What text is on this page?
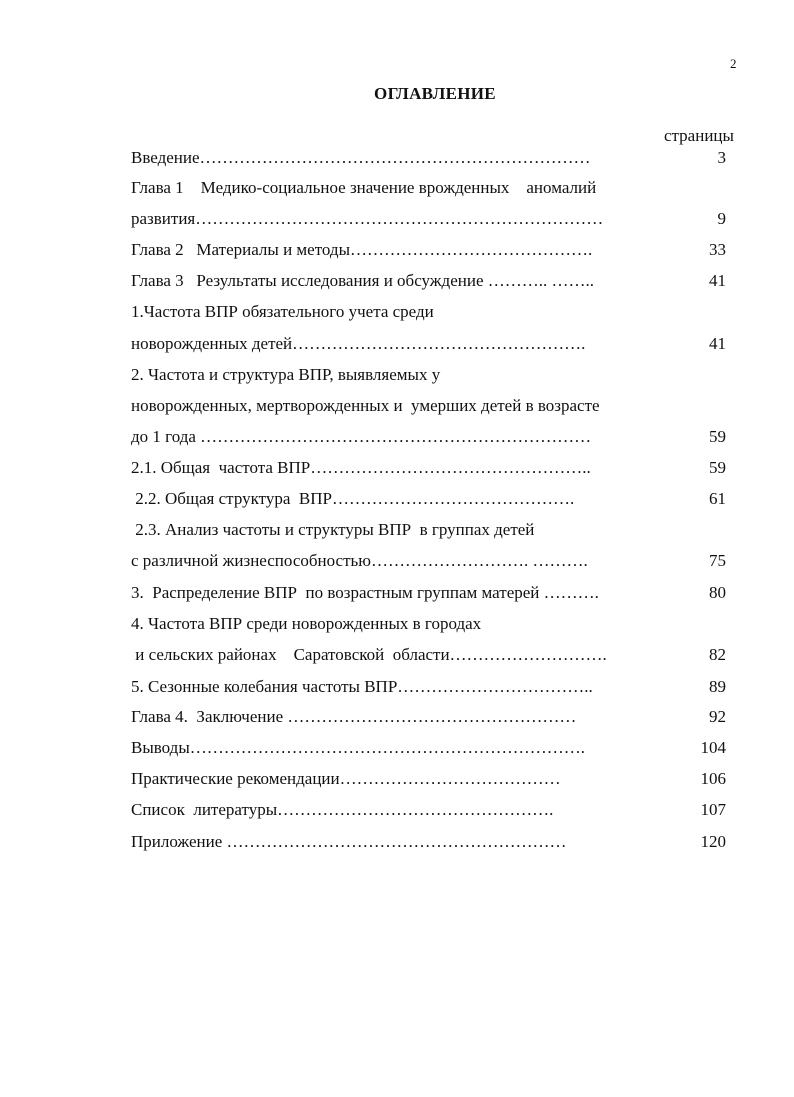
2
ОГЛАВЛЕНИЕ
страницы
Введение……………………………………………………………	3
Глава 1    Медико-социальное значение врожденных    аномалий
развития………………………………………………………………	9
Глава 2   Материалы и методы…………………………………….	33
Глава 3   Результаты исследования и обсуждение ……….. ……..	41
1.Частота ВПР обязательного учета среди
новорожденных детей…………………………………………….	41
2. Частота и структура ВПР, выявляемых у
новорожденных, мертворожденных и  умерших детей в возрасте
до 1 года ……………………………………………………………	59
2.1. Общая  частота ВПР…………………………………………..	59
2.2. Общая структура  ВПР…………………………………….	61
2.3. Анализ частоты и структуры ВПР  в группах детей
с различной жизнеспособностью………………………. ……….	75
3.  Распределение ВПР  по возрастным группам матерей ……….	80
4. Частота ВПР среди новорожденных в городах
и сельских районах    Саратовской  области……………………….	82
5. Сезонные колебания частоты ВПР……………………………..	89
Глава 4.  Заключение ……………………………………………	92
Выводы…………………………………………………………….	104
Практические рекомендации…………………………………	106
Список  литературы………………………………………….	107
Приложение ……………………………………………………	120
